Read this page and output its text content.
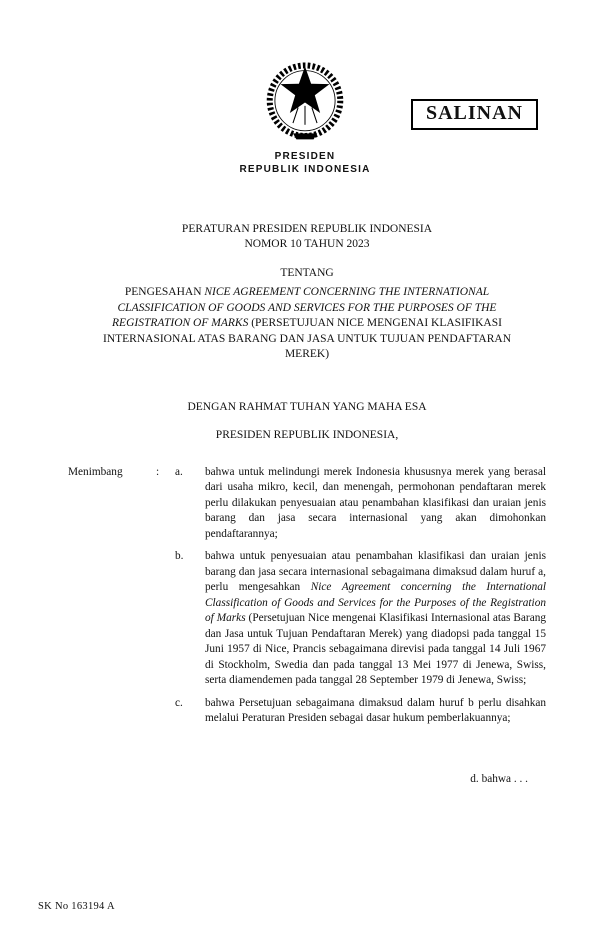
PRESIDEN
REPUBLIK INDONESIA
SALINAN
PERATURAN PRESIDEN REPUBLIK INDONESIA
NOMOR 10 TAHUN 2023
TENTANG
PENGESAHAN NICE AGREEMENT CONCERNING THE INTERNATIONAL CLASSIFICATION OF GOODS AND SERVICES FOR THE PURPOSES OF THE REGISTRATION OF MARKS (PERSETUJUAN NICE MENGENAI KLASIFIKASI INTERNASIONAL ATAS BARANG DAN JASA UNTUK TUJUAN PENDAFTARAN MEREK)
DENGAN RAHMAT TUHAN YANG MAHA ESA
PRESIDEN REPUBLIK INDONESIA,
Menimbang	:	a.	bahwa untuk melindungi merek Indonesia khususnya merek yang berasal dari usaha mikro, kecil, dan menengah, permohonan pendaftaran merek perlu dilakukan penyesuaian atau penambahan klasifikasi dan uraian jenis barang dan jasa secara internasional yang akan dimohonkan pendaftarannya;
b.	bahwa untuk penyesuaian atau penambahan klasifikasi dan uraian jenis barang dan jasa secara internasional sebagaimana dimaksud dalam huruf a, perlu mengesahkan Nice Agreement concerning the International Classification of Goods and Services for the Purposes of the Registration of Marks (Persetujuan Nice mengenai Klasifikasi Internasional atas Barang dan Jasa untuk Tujuan Pendaftaran Merek) yang diadopsi pada tanggal 15 Juni 1957 di Nice, Prancis sebagaimana direvisi pada tanggal 14 Juli 1967 di Stockholm, Swedia dan pada tanggal 13 Mei 1977 di Jenewa, Swiss, serta diamendemen pada tanggal 28 September 1979 di Jenewa, Swiss;
c.	bahwa Persetujuan sebagaimana dimaksud dalam huruf b perlu disahkan melalui Peraturan Presiden sebagai dasar hukum pemberlakuannya;
d. bahwa . . .
SK No 163194 A
